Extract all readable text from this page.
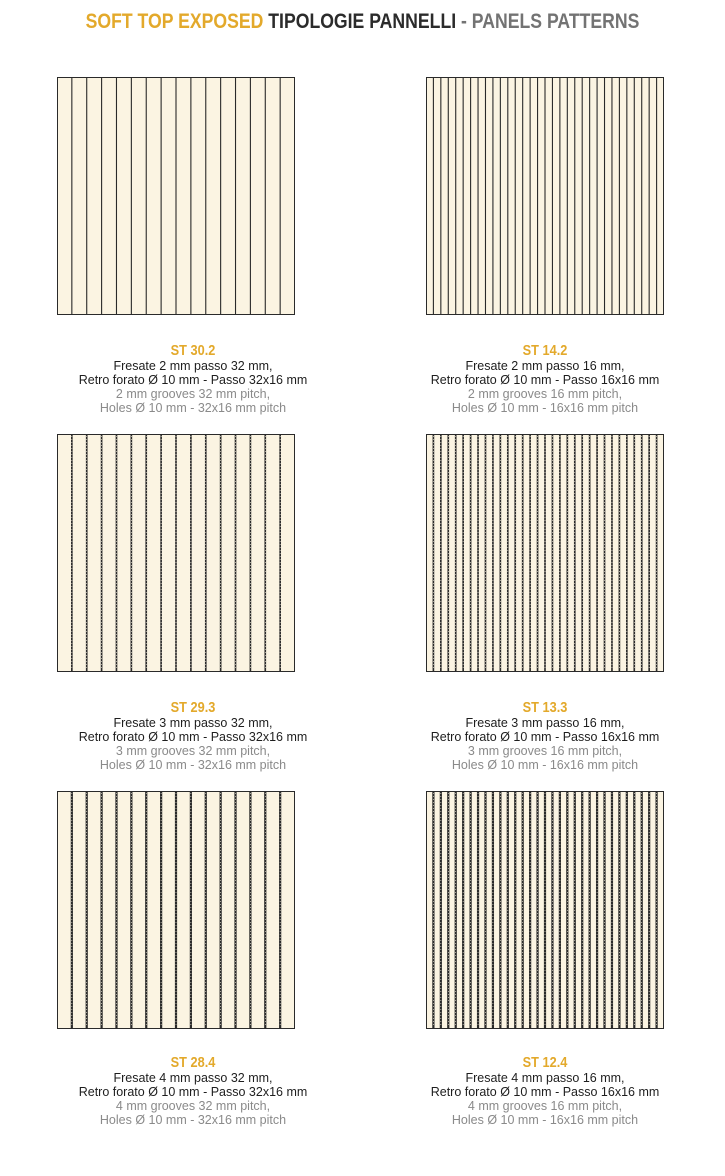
SOFT TOP EXPOSED TIPOLOGIE PANNELLI - PANELS PATTERNS
ST 30.2
Fresate 2 mm passo 32 mm,
Retro forato Ø 10 mm - Passo 32x16 mm
2 mm grooves 32 mm pitch,
Holes Ø 10 mm - 32x16 mm pitch
ST 14.2
Fresate 2 mm passo 16 mm,
Retro forato Ø 10 mm - Passo 16x16 mm
2 mm grooves 16 mm pitch,
Holes Ø 10 mm - 16x16 mm pitch
ST 29.3
Fresate 3 mm passo 32 mm,
Retro forato Ø 10 mm - Passo 32x16 mm
3 mm grooves 32 mm pitch,
Holes Ø 10 mm - 32x16 mm pitch
ST 13.3
Fresate 3 mm passo 16 mm,
Retro forato Ø 10 mm - Passo 16x16 mm
3 mm grooves 16 mm pitch,
Holes Ø 10 mm - 16x16 mm pitch
ST 28.4
Fresate 4 mm passo 32 mm,
Retro forato Ø 10 mm - Passo 32x16 mm
4 mm grooves 32 mm pitch,
Holes Ø 10 mm - 32x16 mm pitch
ST 12.4
Fresate 4 mm passo 16 mm,
Retro forato Ø 10 mm - Passo 16x16 mm
4 mm grooves 16 mm pitch,
Holes Ø 10 mm - 16x16 mm pitch
